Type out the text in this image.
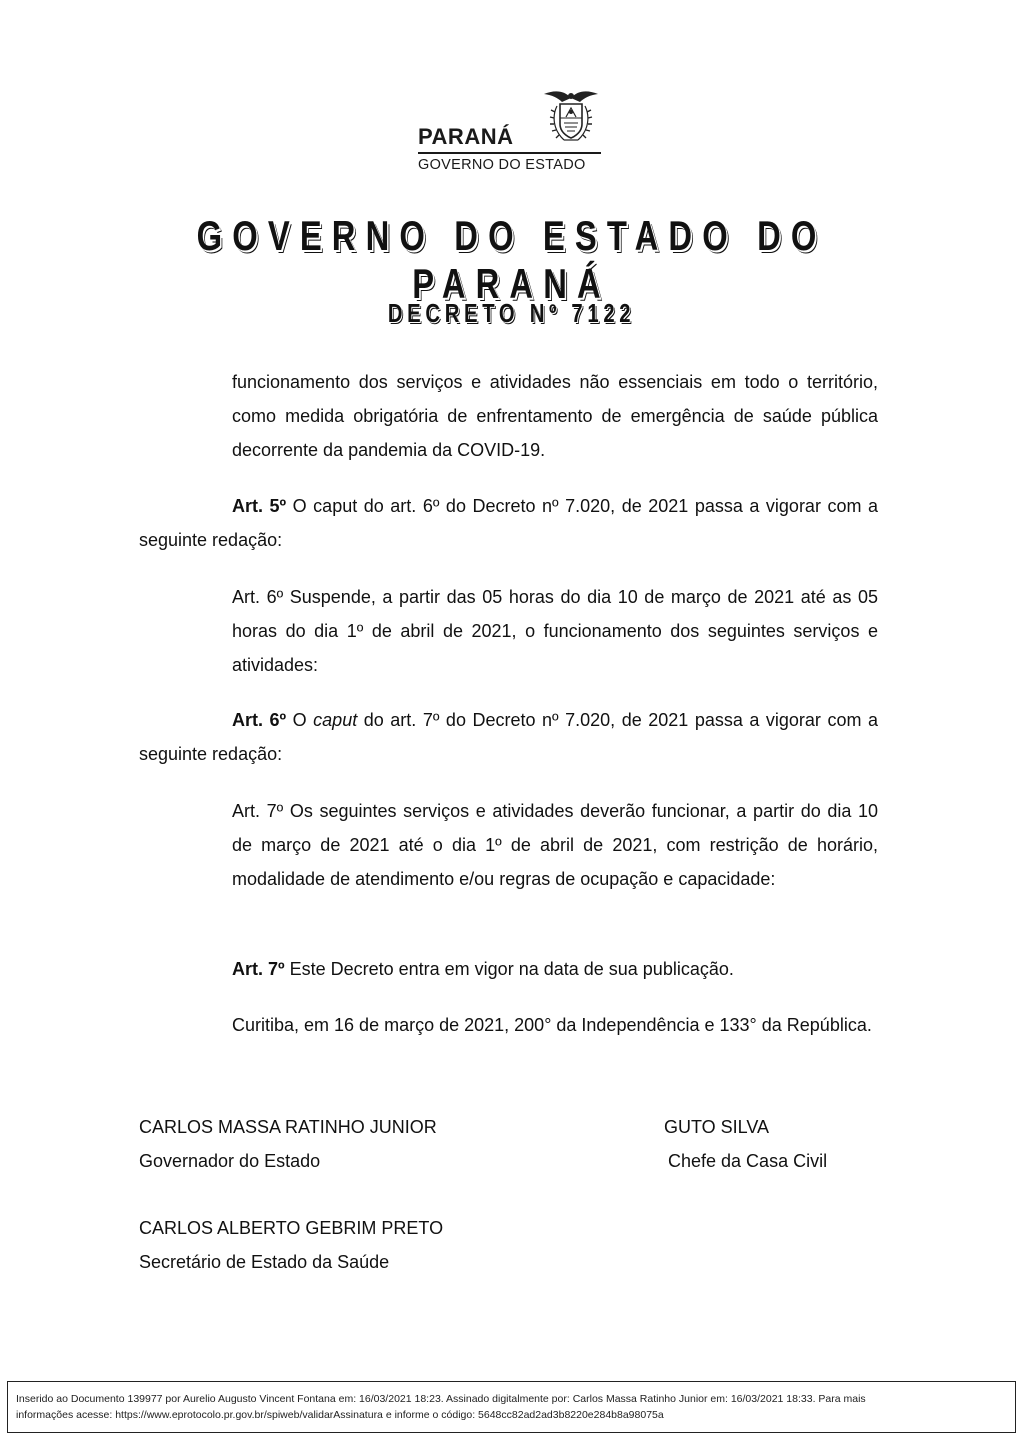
PARANÁ
GOVERNO DO ESTADO
GOVERNO DO ESTADO DO PARANÁ
DECRETO Nº 7122
funcionamento dos serviços e atividades não essenciais em todo o território, como medida obrigatória de enfrentamento de emergência de saúde pública decorrente da pandemia da COVID-19.
Art. 5º O caput do art. 6º do Decreto nº 7.020, de 2021 passa a vigorar com a seguinte redação:
Art. 6º Suspende, a partir das 05 horas do dia 10 de março de 2021 até as 05 horas do dia 1º de abril de 2021, o funcionamento dos seguintes serviços e atividades:
Art. 6º O caput do art. 7º do Decreto nº 7.020, de 2021 passa a vigorar com a seguinte redação:
Art. 7º Os seguintes serviços e atividades deverão funcionar, a partir do dia 10 de março de 2021 até o dia 1º de abril de 2021, com restrição de horário, modalidade de atendimento e/ou regras de ocupação e capacidade:
Art. 7º Este Decreto entra em vigor na data de sua publicação.
Curitiba, em 16 de março de 2021, 200° da Independência e 133° da República.
CARLOS MASSA RATINHO JUNIOR
Governador do Estado
GUTO SILVA
Chefe da Casa Civil
CARLOS ALBERTO GEBRIM PRETO
Secretário de Estado da Saúde
Inserido ao Documento 139977 por Aurelio Augusto Vincent Fontana em: 16/03/2021 18:23. Assinado digitalmente por: Carlos Massa Ratinho Junior em: 16/03/2021 18:33. Para mais
informações acesse: https://www.eprotocolo.pr.gov.br/spiweb/validarAssinatura e informe o código: 5648cc82ad2ad3b8220e284b8a98075a
